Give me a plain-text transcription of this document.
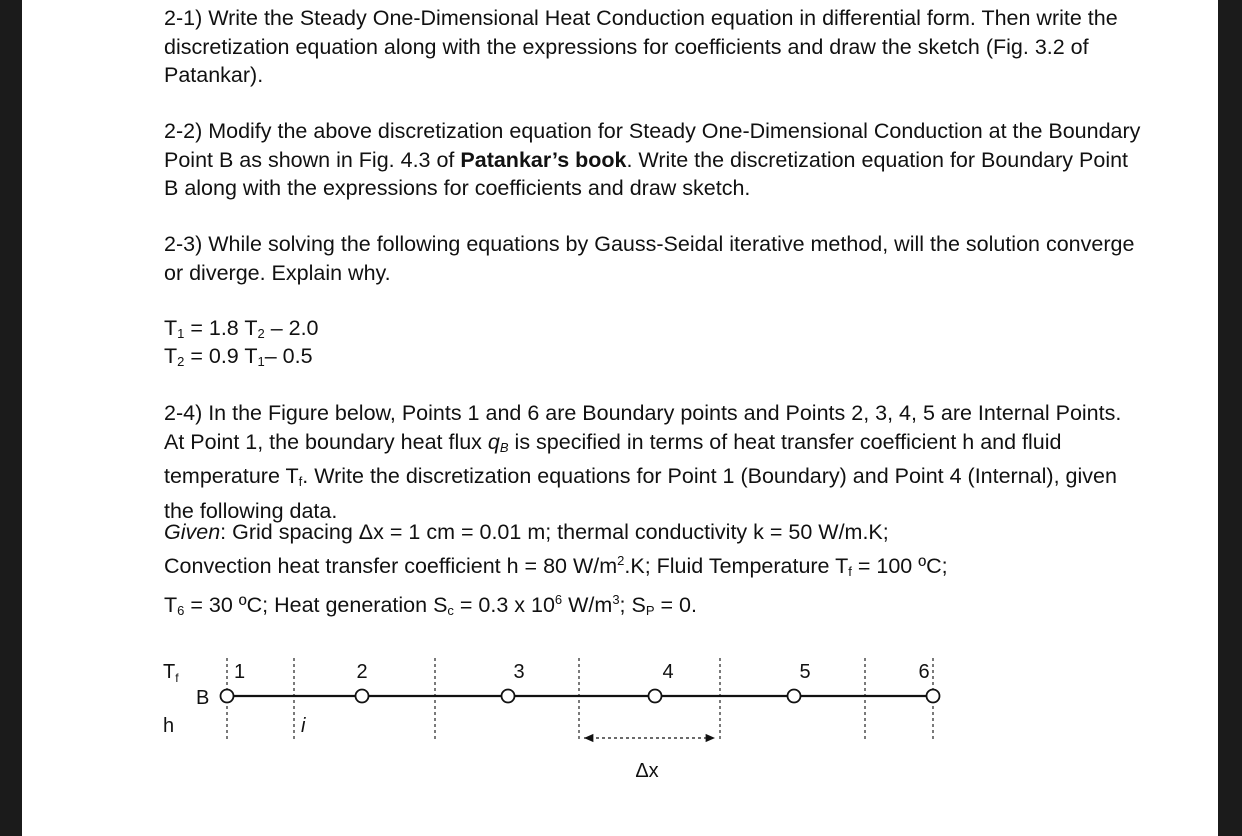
2-1) Write the Steady One-Dimensional Heat Conduction equation in differential form. Then write the discretization equation along with the expressions for coefficients and draw the sketch (Fig. 3.2 of Patankar).

2-2) Modify the above discretization equation for Steady One-Dimensional Conduction at the Boundary Point B as shown in Fig. 4.3 of Patankar’s book. Write the discretization equation for Boundary Point B along with the expressions for coefficients and draw sketch.

2-3) While solving the following equations by Gauss-Seidal iterative method, will the solution converge or diverge. Explain why.

$T_1 = 1.8$ $T_2 - 2.0$

$T_2 = 0.9$ $T_1-$ 0.5

2-4) In the Figure below, Points 1 and 6 are Boundary points and Points 2, 3, 4, 5 are Internal Points. At Point 1, the boundary heat flux $q_B$ is specified in terms of heat transfer coefficient h and fluid temperature $T_f$. Write the discretization equations for Point 1 (Boundary) and Point 4 (Internal), given the following data.

Given: Grid spacing Δx = 1 cm = 0.01 m; thermal conductivity k = 50 W/m.K;
Convection heat transfer coefficient h = 80 $W/m^2.K$; Fluid Temperature $T_f = 100$ ºC;
$T_6 = 30$ ºC; Heat generation $S_c = 0.3$ x $10^6$ $W/m^3$; $S_P = 0$.

1	2	3	4	5	6
$T_f$
B
h	i
Δx
